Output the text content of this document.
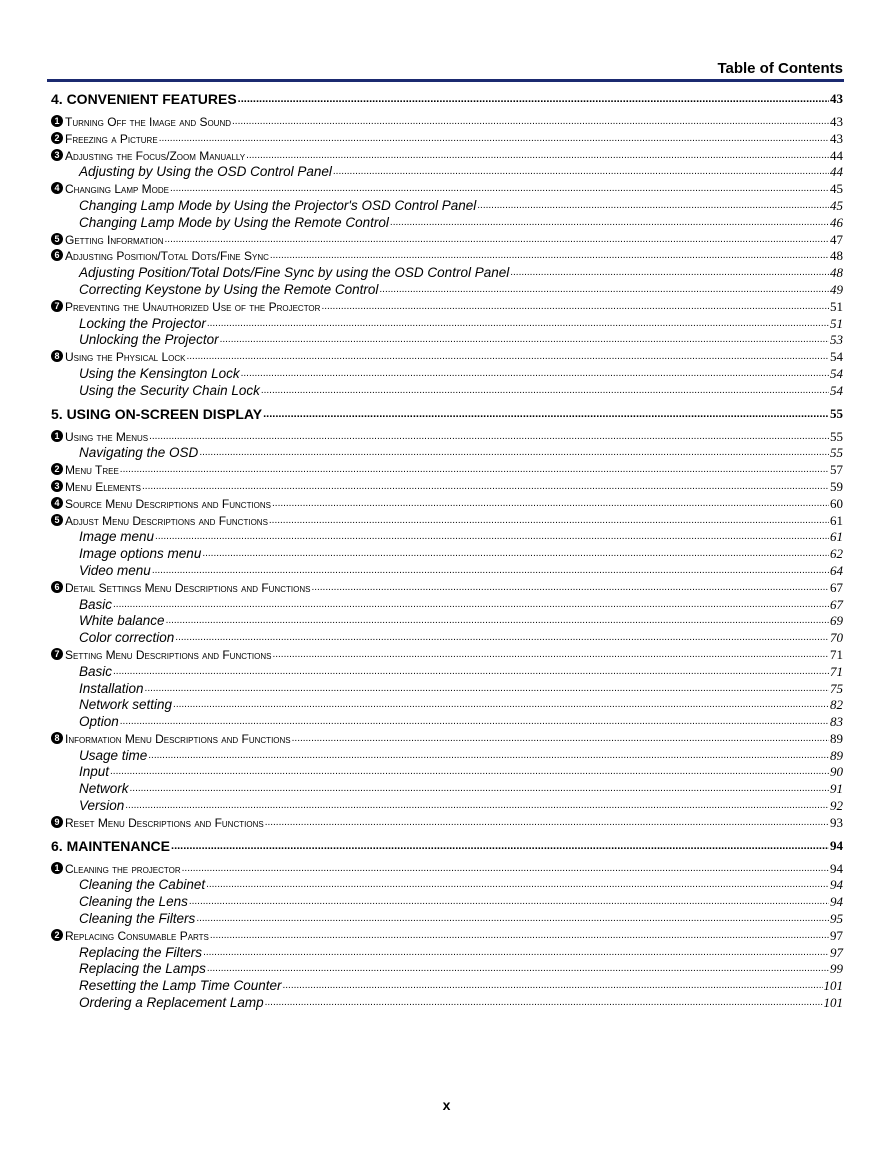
Table of Contents
4. CONVENIENT FEATURES .....	43
1 Turning Off the Image and Sound .....	43
2 Freezing a Picture .....	43
3 Adjusting the Focus/Zoom Manually .....	44
Adjusting by Using the OSD Control Panel .....	44
4 Changing Lamp Mode .....	45
Changing Lamp Mode by Using the Projector's OSD Control Panel .....	45
Changing Lamp Mode by Using the Remote Control .....	46
5 Getting Information .....	47
6 Adjusting Position/Total Dots/Fine Sync .....	48
Adjusting Position/Total Dots/Fine Sync by using the OSD Control Panel .....	48
Correcting Keystone by Using the Remote Control .....	49
7 Preventing the Unauthorized Use of the Projector .....	51
Locking the Projector .....	51
Unlocking the Projector .....	53
8 Using the Physical Lock .....	54
Using the Kensington Lock .....	54
Using the Security Chain Lock .....	54
5. USING ON-SCREEN DISPLAY .....	55
1 Using the Menus .....	55
Navigating the OSD .....	55
2 Menu Tree .....	57
3 Menu Elements .....	59
4 Source Menu Descriptions and Functions .....	60
5 Adjust Menu Descriptions and Functions .....	61
Image menu .....	61
Image options menu .....	62
Video menu .....	64
6 Detail Settings Menu Descriptions and Functions .....	67
Basic .....	67
White balance .....	69
Color correction .....	70
7 Setting Menu Descriptions and Functions .....	71
Basic .....	71
Installation .....	75
Network setting .....	82
Option .....	83
8 Information Menu Descriptions and Functions .....	89
Usage time .....	89
Input .....	90
Network .....	91
Version .....	92
9 Reset Menu Descriptions and Functions .....	93
6. MAINTENANCE .....	94
1 Cleaning the projector .....	94
Cleaning the Cabinet .....	94
Cleaning the Lens .....	94
Cleaning the Filters .....	95
2 Replacing Consumable Parts .....	97
Replacing the Filters .....	97
Replacing the Lamps .....	99
Resetting the Lamp Time Counter .....	101
Ordering a Replacement Lamp .....	101
x
